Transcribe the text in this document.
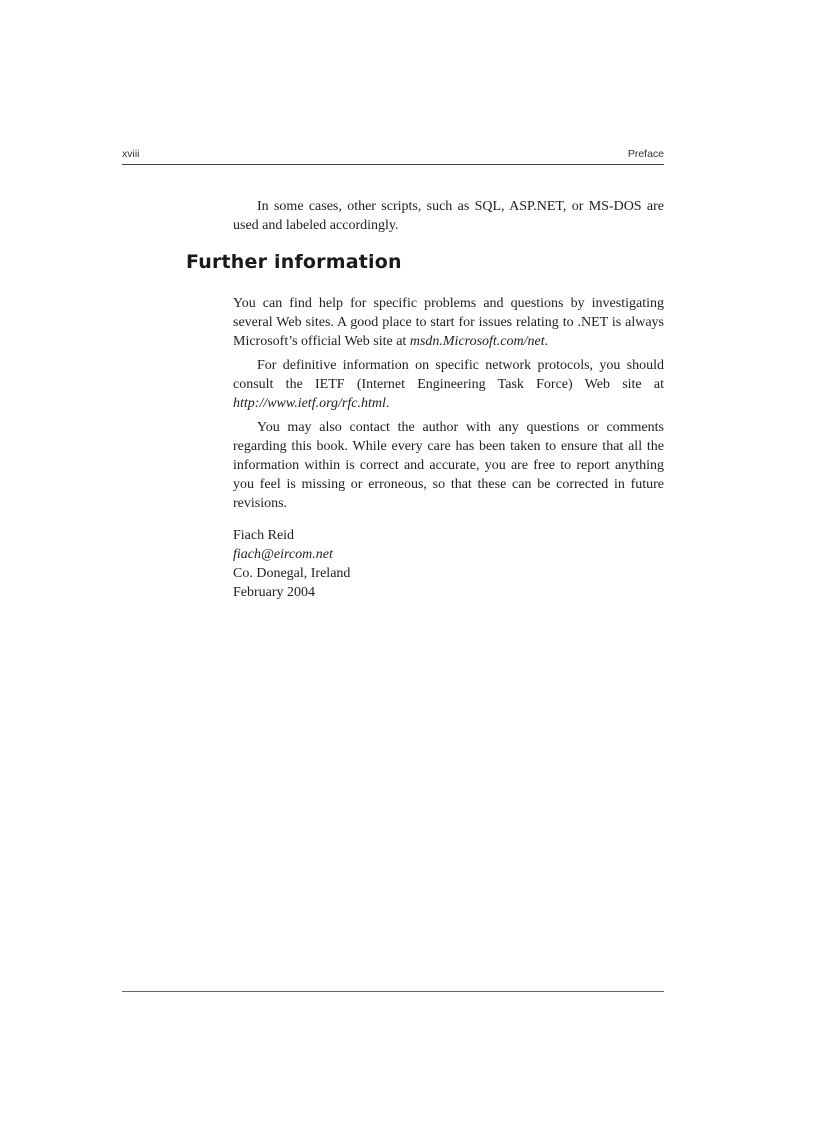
xviii	Preface

In some cases, other scripts, such as SQL, ASP.NET, or MS-DOS are used and labeled accordingly.

Further information

You can find help for specific problems and questions by investigating several Web sites. A good place to start for issues relating to .NET is always Microsoft’s official Web site at msdn.Microsoft.com/net.

For definitive information on specific network protocols, you should consult the IETF (Internet Engineering Task Force) Web site at http://www.ietf.org/rfc.html.

You may also contact the author with any questions or comments regarding this book. While every care has been taken to ensure that all the information within is correct and accurate, you are free to report anything you feel is missing or erroneous, so that these can be corrected in future revisions.

Fiach Reid
fiach@eircom.net
Co. Donegal, Ireland
February 2004
